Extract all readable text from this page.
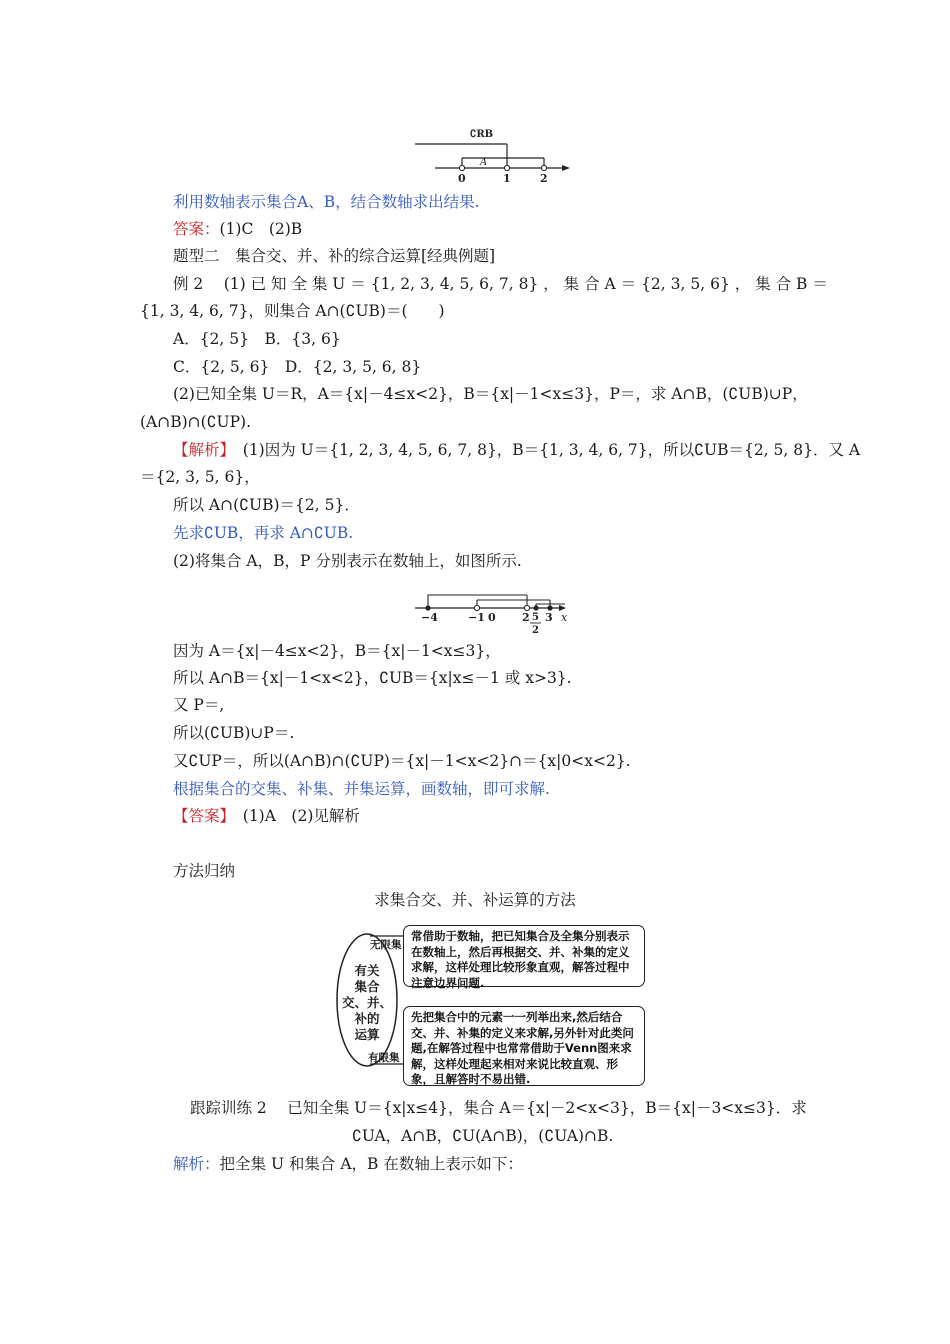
∁RB
A
0	1	2
利用数轴表示集合A、B，结合数轴求出结果.
答案：(1)C　(2)B
题型二　集合交、并、补的综合运算[经典例题]
例 2　 (1) 已 知 全 集 U ＝ {1, 2, 3, 4, 5, 6, 7, 8} ， 集 合 A ＝ {2, 3, 5, 6} ， 集 合 B ＝
{1, 3, 4, 6, 7}，则集合 A∩(∁UB)＝(　　)
A．{2, 5}　B．{3, 6}
C．{2, 5, 6}　D．{2, 3, 5, 6, 8}
(2)已知全集 U＝R，A＝{x|－4≤x<2}，B＝{x|－1<x≤3}，P＝，求 A∩B，(∁UB)∪P，
(A∩B)∩(∁UP).
【解析】　(1)因为 U＝{1, 2, 3, 4, 5, 6, 7, 8}，B＝{1, 3, 4, 6, 7}，所以∁UB＝{2, 5, 8}．又 A
＝{2, 3, 5, 6}，
所以 A∩(∁UB)＝{2, 5}．
先求∁UB，再求 A∩∁UB.
(2)将集合 A，B，P 分别表示在数轴上，如图所示.
−4	−1 0 2 5
2
3 x
因为 A＝{x|－4≤x<2}，B＝{x|－1<x≤3}，
所以 A∩B＝{x|－1<x<2}，∁UB＝{x|x≤－1 或 x>3}.
又 P＝,
所以(∁UB)∪P＝.
又∁UP＝，所以(A∩B)∩(∁UP)＝{x|－1<x<2}∩＝{x|0<x<2}.
根据集合的交集、补集、并集运算，画数轴，即可求解.
【答案】　(1)A　(2)见解析
方法归纳
求集合交、并、补运算的方法
有关
集合
交、并、
补的
运算
无限集
有限集
常借助于数轴，把已知集合及全集分别表示在数轴上，然后再根据交、并、补集的定义求解，这样处理比较形象直观，解答过程中注意边界问题.
先把集合中的元素一一列举出来,然后结合交、并、补集的定义来求解,另外针对此类问题,在解答过程中也常常借助于Venn图来求解，这样处理起来相对来说比较直观、形象，且解答时不易出错.
跟踪训练 2　 已知全集 U＝{x|x≤4}，集合 A＝{x|－2<x<3}，B＝{x|－3<x≤3}．求
∁UA，A∩B，∁U(A∩B)，(∁UA)∩B.
解析：把全集 U 和集合 A，B 在数轴上表示如下：
